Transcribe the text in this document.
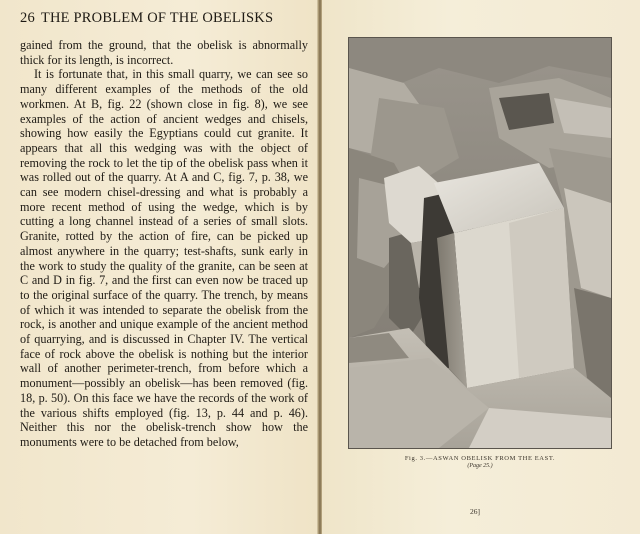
26 THE PROBLEM OF THE OBELISKS

gained from the ground, that the obelisk is abnormally thick for its length, is incorrect.

It is fortunate that, in this small quarry, we can see so many different examples of the methods of the old workmen. At B, fig. 22 (shown close in fig. 8), we see examples of the action of ancient wedges and chisels, showing how easily the Egyptians could cut granite. It appears that all this wedging was with the object of removing the rock to let the tip of the obelisk pass when it was rolled out of the quarry. At A and C, fig. 7, p. 38, we can see modern chisel-dressing and what is probably a more recent method of using the wedge, which is by cutting a long channel instead of a series of small slots. Granite, rotted by the action of fire, can be picked up almost anywhere in the quarry; test-shafts, sunk early in the work to study the quality of the granite, can be seen at C and D in fig. 7, and the first can even now be traced up to the original surface of the quarry. The trench, by means of which it was intended to separate the obelisk from the rock, is another and unique example of the ancient method of quarrying, and is discussed in Chapter IV. The vertical face of rock above the obelisk is nothing but the interior wall of another perimeter-trench, from before which a monument—possibly an obelisk—has been removed (fig. 18, p. 50). On this face we have the records of the work of the various shifts employed (fig. 13, p. 44 and p. 46). Neither this nor the obelisk-trench show how the monuments were to be detached from below,

Fig. 3.—ASWAN OBELISK FROM THE EAST.
(Page 25.)
26]
